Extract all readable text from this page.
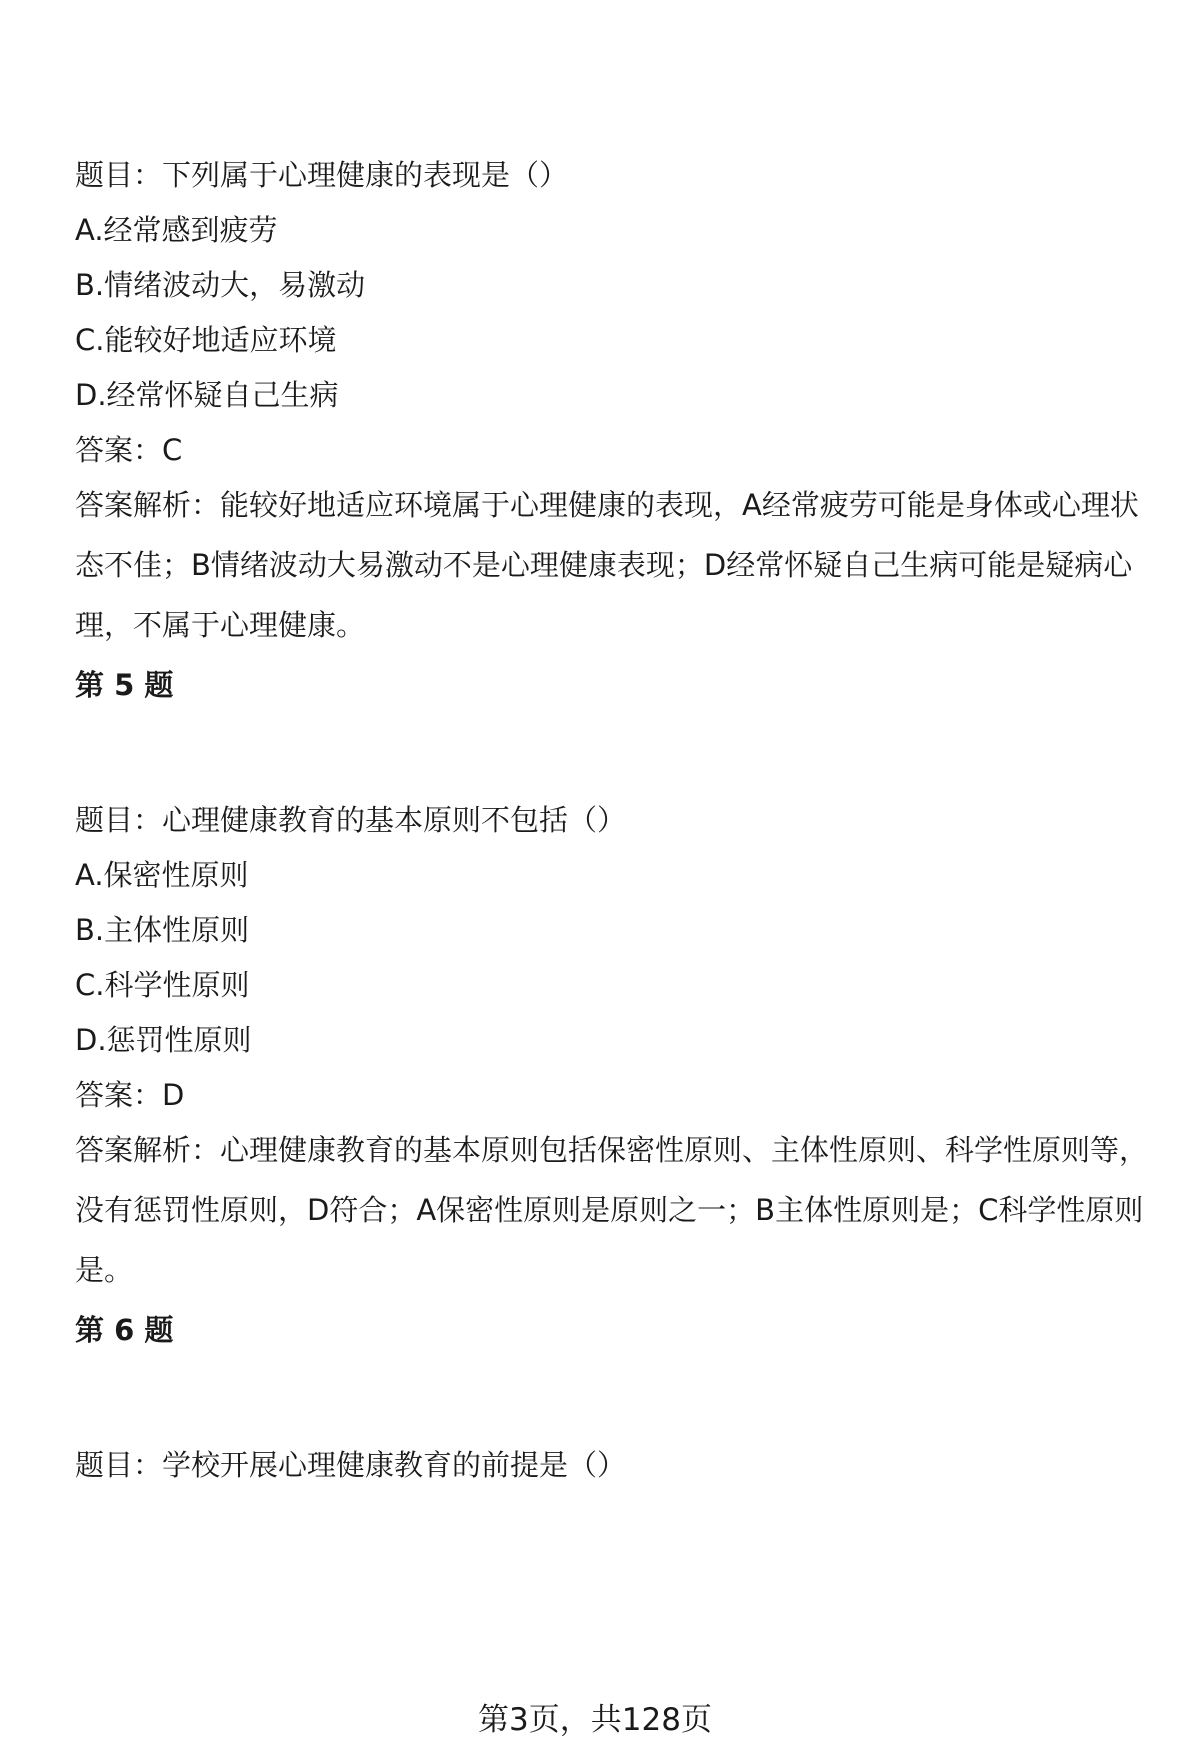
题目：下列属于心理健康的表现是（）

A.经常感到疲劳

B.情绪波动大，易激动

C.能较好地适应环境

D.经常怀疑自己生病

答案：C

答案解析：能较好地适应环境属于心理健康的表现，A经常疲劳可能是身体或心理状态不佳；B情绪波动大易激动不是心理健康表现；D经常怀疑自己生病可能是疑病心理，不属于心理健康。

第 5 题

题目：心理健康教育的基本原则不包括（）

A.保密性原则

B.主体性原则

C.科学性原则

D.惩罚性原则

答案：D

答案解析：心理健康教育的基本原则包括保密性原则、主体性原则、科学性原则等，没有惩罚性原则，D符合；A保密性原则是原则之一；B主体性原则是；C科学性原则是。

第 6 题

题目：学校开展心理健康教育的前提是（）

第3页，共128页
